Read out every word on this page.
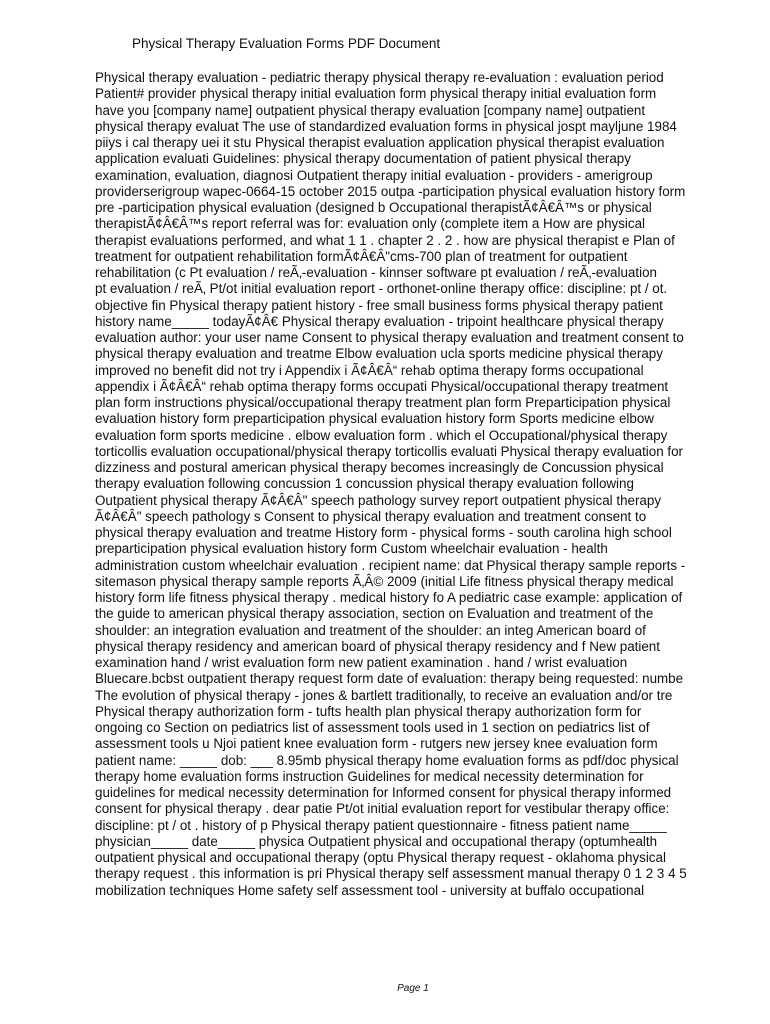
Physical Therapy Evaluation Forms PDF Document
Physical therapy evaluation - pediatric therapy physical therapy re-evaluation : evaluation period
Patient# provider physical therapy initial evaluation form physical therapy initial evaluation form
have you [company name] outpatient physical therapy evaluation [company name] outpatient
physical therapy evaluat The use of standardized evaluation forms in physical jospt mayljune 1984
piiys i cal therapy uei it stu Physical therapist evaluation application physical therapist evaluation
application evaluati Guidelines: physical therapy documentation of patient physical therapy
examination, evaluation, diagnosi Outpatient therapy initial evaluation - providers - amerigroup
providerserigroup wapec-0664-15 october 2015 outpa -participation physical evaluation history form
pre -participation physical evaluation (designed b Occupational therapistÃ¢Â€Â™s or physical
therapistÃ¢Â€Â™s report referral was for: evaluation only (complete item a How are physical
therapist evaluations performed, and what 1 1 . chapter 2 . 2 . how are physical therapist e Plan of
treatment for outpatient rehabilitation formÃ¢Â€Â"cms-700 plan of treatment for outpatient
rehabilitation (c Pt evaluation / reÃ‚-evaluation - kinnser software pt evaluation / reÃ‚-evaluation
pt evaluation / reÃ‚ Pt/ot initial evaluation report - orthonet-online therapy office: discipline: pt / ot.
objective fin Physical therapy patient history - free small business forms physical therapy patient
history name_____ todayÃ¢Â€ Physical therapy evaluation - tripoint healthcare physical therapy
evaluation author: your user name Consent to physical therapy evaluation and treatment consent to
physical therapy evaluation and treatme Elbow evaluation ucla sports medicine physical therapy
improved no benefit did not try i Appendix i Ã¢Â€Â“ rehab optima therapy forms occupational
appendix i Ã¢Â€Â“ rehab optima therapy forms occupati Physical/occupational therapy treatment
plan form instructions physical/occupational therapy treatment plan form Preparticipation physical
evaluation history form preparticipation physical evaluation history form Sports medicine elbow
evaluation form sports medicine . elbow evaluation form . which el Occupational/physical therapy
torticollis evaluation occupational/physical therapy torticollis evaluati Physical therapy evaluation for
dizziness and postural american physical therapy becomes increasingly de Concussion physical
therapy evaluation following concussion 1 concussion physical therapy evaluation following
Outpatient physical therapy Ã¢Â€Â" speech pathology survey report outpatient physical therapy
Ã¢Â€Â" speech pathology s Consent to physical therapy evaluation and treatment consent to
physical therapy evaluation and treatme History form - physical forms - south carolina high school
preparticipation physical evaluation history form Custom wheelchair evaluation - health
administration custom wheelchair evaluation . recipient name: dat Physical therapy sample reports -
sitemason physical therapy sample reports Ã‚Â© 2009 (initial Life fitness physical therapy medical
history form life fitness physical therapy . medical history fo A pediatric case example: application of
the guide to american physical therapy association, section on Evaluation and treatment of the
shoulder: an integration evaluation and treatment of the shoulder: an integ American board of
physical therapy residency and american board of physical therapy residency and f New patient
examination hand / wrist evaluation form new patient examination . hand / wrist evaluation
Bluecare.bcbst outpatient therapy request form date of evaluation: therapy being requested: numbe
The evolution of physical therapy - jones & bartlett traditionally, to receive an evaluation and/or tre
Physical therapy authorization form - tufts health plan physical therapy authorization form for
ongoing co Section on pediatrics list of assessment tools used in 1 section on pediatrics list of
assessment tools u Njoi patient knee evaluation form - rutgers new jersey knee evaluation form
patient name: _____ dob: ___ 8.95mb physical therapy home evaluation forms as pdf/doc physical
therapy home evaluation forms instruction Guidelines for medical necessity determination for
guidelines for medical necessity determination for Informed consent for physical therapy informed
consent for physical therapy . dear patie Pt/ot initial evaluation report for vestibular therapy office:
discipline: pt / ot . history of p Physical therapy patient questionnaire - fitness patient name_____
physician_____ date_____ physica Outpatient physical and occupational therapy (optumhealth
outpatient physical and occupational therapy (optu Physical therapy request - oklahoma physical
therapy request . this information is pri Physical therapy self assessment manual therapy 0 1 2 3 4 5
mobilization techniques Home safety self assessment tool - university at buffalo occupational
Page 1
